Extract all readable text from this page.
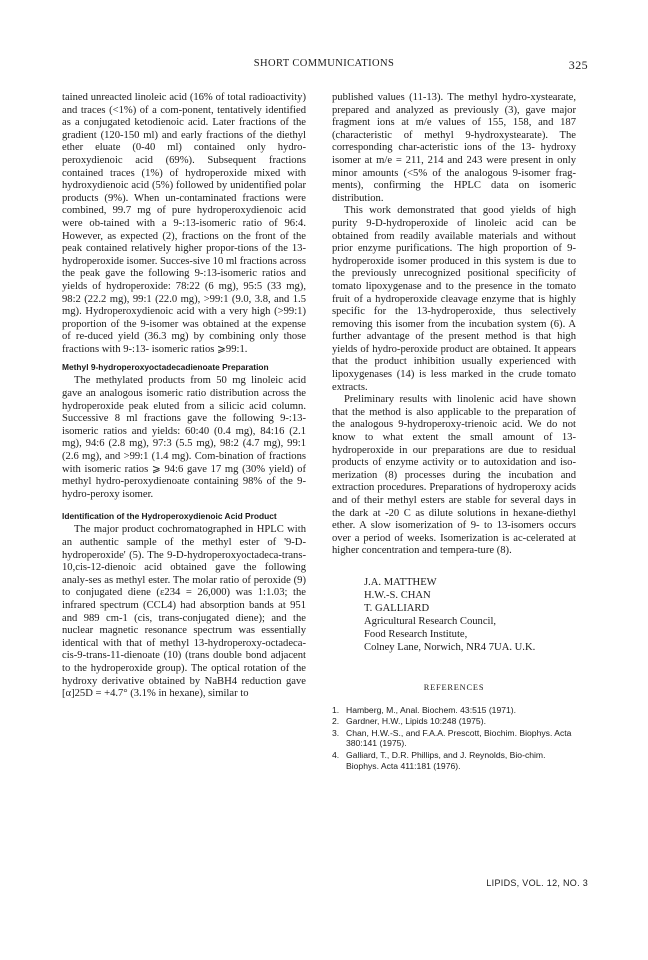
SHORT COMMUNICATIONS	325

tained unreacted linoleic acid (16% of total radioactivity) and traces (<1%) of a com-ponent, tentatively identified as a conjugated ketodienoic acid. Later fractions of the gradient (120-150 ml) and early fractions of the diethyl ether eluate (0-40 ml) contained only hydro-peroxydienoic acid (69%). Subsequent fractions contained traces (1%) of hydroperoxide mixed with hydroxydienoic acid (5%) followed by unidentified polar products (9%). When un-contaminated fractions were combined, 99.7 mg of pure hydroperoxydienoic acid were ob-tained with a 9-:13-isomeric ratio of 96:4. However, as expected (2), fractions on the front of the peak contained relatively higher propor-tions of the 13-hydroperoxide isomer. Succes-sive 10 ml fractions across the peak gave the following 9-:13-isomeric ratios and yields of hydroperoxide: 78:22 (6 mg), 95:5 (33 mg), 98:2 (22.2 mg), 99:1 (22.0 mg), >99:1 (9.0, 3.8, and 1.5 mg). Hydroperoxydienoic acid with a very high (>99:1) proportion of the 9-isomer was obtained at the expense of re-duced yield (36.3 mg) by combining only those fractions with 9-:13- isomeric ratios ⩾99:1.

Methyl 9-hydroperoxyoctadecadienoate Preparation

The methylated products from 50 mg linoleic acid gave an analogous isomeric ratio distribution across the hydroperoxide peak eluted from a silicic acid column. Successive 8 ml fractions gave the following 9-:13- isomeric ratios and yields: 60:40 (0.4 mg), 84:16 (2.1 mg), 94:6 (2.8 mg), 97:3 (5.5 mg), 98:2 (4.7 mg), 99:1 (2.6 mg), and >99:1 (1.4 mg). Com-bination of fractions with isomeric ratios ⩾ 94:6 gave 17 mg (30% yield) of methyl hydro-peroxydienoate containing 98% of the 9-hydro-peroxy isomer.

Identification of the Hydroperoxydienoic Acid Product

The major product cochromatographed in HPLC with an authentic sample of the methyl ester of '9-D-hydroperoxide' (5). The 9-D-hydroperoxyoctadeca-trans-10,cis-12-dienoic acid obtained gave the following analy-ses as methyl ester. The molar ratio of peroxide (9) to conjugated diene (ε234 = 26,000) was 1:1.03; the infrared spectrum (CCL4) had absorption bands at 951 and 989 cm-1 (cis, trans-conjugated diene); and the nuclear magnetic resonance spectrum was essentially identical with that of methyl 13-hydroperoxy-octadeca-cis-9-trans-11-dienoate (10) (trans double bond adjacent to the hydroperoxide group). The optical rotation of the hydroxy derivative obtained by NaBH4 reduction gave [α]25D = +4.7° (3.1% in hexane), similar to

published values (11-13). The methyl hydro-xystearate, prepared and analyzed as previously (3), gave major fragment ions at m/e values of 155, 158, and 187 (characteristic of methyl 9-hydroxystearate). The corresponding char-acteristic ions of the 13- hydroxy isomer at m/e = 211, 214 and 243 were present in only minor amounts (<5% of the analogous 9-isomer frag-ments), confirming the HPLC data on isomeric distribution.

This work demonstrated that good yields of high purity 9-D-hydroperoxide of linoleic acid can be obtained from readily available materials and without prior enzyme purifications. The high proportion of 9-hydroperoxide isomer produced in this system is due to the previously unrecognized positional specificity of tomato lipoxygenase and to the presence in the tomato fruit of a hydroperoxide cleavage enzyme that is highly specific for the 13-hydroperoxide, thus selectively removing this isomer from the incubation system (6). A further advantage of the present method is that high yields of hydro-peroxide product are obtained. It appears that the product inhibition usually experienced with lipoxygenases (14) is less marked in the crude tomato extracts.

Preliminary results with linolenic acid have shown that the method is also applicable to the preparation of the analogous 9-hydroperoxy-trienoic acid. We do not know to what extent the small amount of 13-hydroperoxide in our preparations are due to residual products of enzyme activity or to autoxidation and iso-merization (8) processes during the incubation and extraction procedures. Preparations of hydroperoxy acids and of their methyl esters are stable for several days in the dark at -20 C as dilute solutions in hexane-diethyl ether. A slow isomerization of 9- to 13-isomers occurs over a period of weeks. Isomerization is ac-celerated at higher concentration and tempera-ture (8).

J.A. MATTHEW
H.W.-S. CHAN
T. GALLIARD
Agricultural Research Council,
Food Research Institute,
Colney Lane, Norwich, NR4 7UA. U.K.
REFERENCES
1. Hamberg, M., Anal. Biochem. 43:515 (1971).
2. Gardner, H.W., Lipids 10:248 (1975).
3. Chan, H.W.-S., and F.A.A. Prescott, Biochim. Biophys. Acta 380:141 (1975).
4. Galliard, T., D.R. Phillips, and J. Reynolds, Bio-chim. Biophys. Acta 411:181 (1976).
LIPIDS, VOL. 12, NO. 3
